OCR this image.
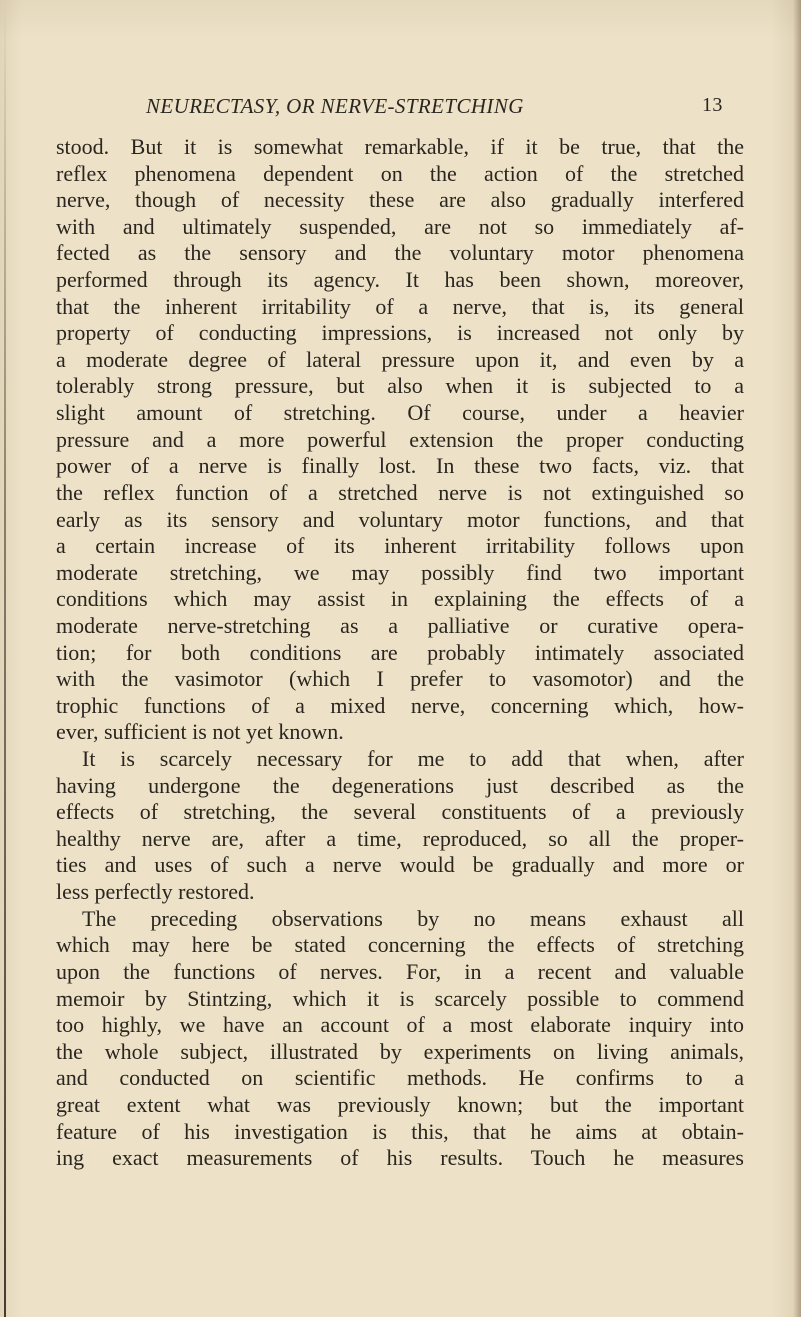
NEURECTASY, OR NERVE-STRETCHING	13
stood. But it is somewhat remarkable, if it be true, that the
reflex phenomena dependent on the action of the stretched
nerve, though of necessity these are also gradually interfered
with and ultimately suspended, are not so immediately af-
fected as the sensory and the voluntary motor phenomena
performed through its agency. It has been shown, moreover,
that the inherent irritability of a nerve, that is, its general
property of conducting impressions, is increased not only by
a moderate degree of lateral pressure upon it, and even by a
tolerably strong pressure, but also when it is subjected to a
slight amount of stretching. Of course, under a heavier
pressure and a more powerful extension the proper conducting
power of a nerve is finally lost. In these two facts, viz. that
the reflex function of a stretched nerve is not extinguished so
early as its sensory and voluntary motor functions, and that
a certain increase of its inherent irritability follows upon
moderate stretching, we may possibly find two important
conditions which may assist in explaining the effects of a
moderate nerve-stretching as a palliative or curative opera-
tion; for both conditions are probably intimately associated
with the vasimotor (which I prefer to vasomotor) and the
trophic functions of a mixed nerve, concerning which, how-
ever, sufficient is not yet known.
It is scarcely necessary for me to add that when, after
having undergone the degenerations just described as the
effects of stretching, the several constituents of a previously
healthy nerve are, after a time, reproduced, so all the proper-
ties and uses of such a nerve would be gradually and more or
less perfectly restored.
The preceding observations by no means exhaust all
which may here be stated concerning the effects of stretching
upon the functions of nerves. For, in a recent and valuable
memoir by Stintzing, which it is scarcely possible to commend
too highly, we have an account of a most elaborate inquiry into
the whole subject, illustrated by experiments on living animals,
and conducted on scientific methods. He confirms to a
great extent what was previously known; but the important
feature of his investigation is this, that he aims at obtain-
ing exact measurements of his results. Touch he measures
